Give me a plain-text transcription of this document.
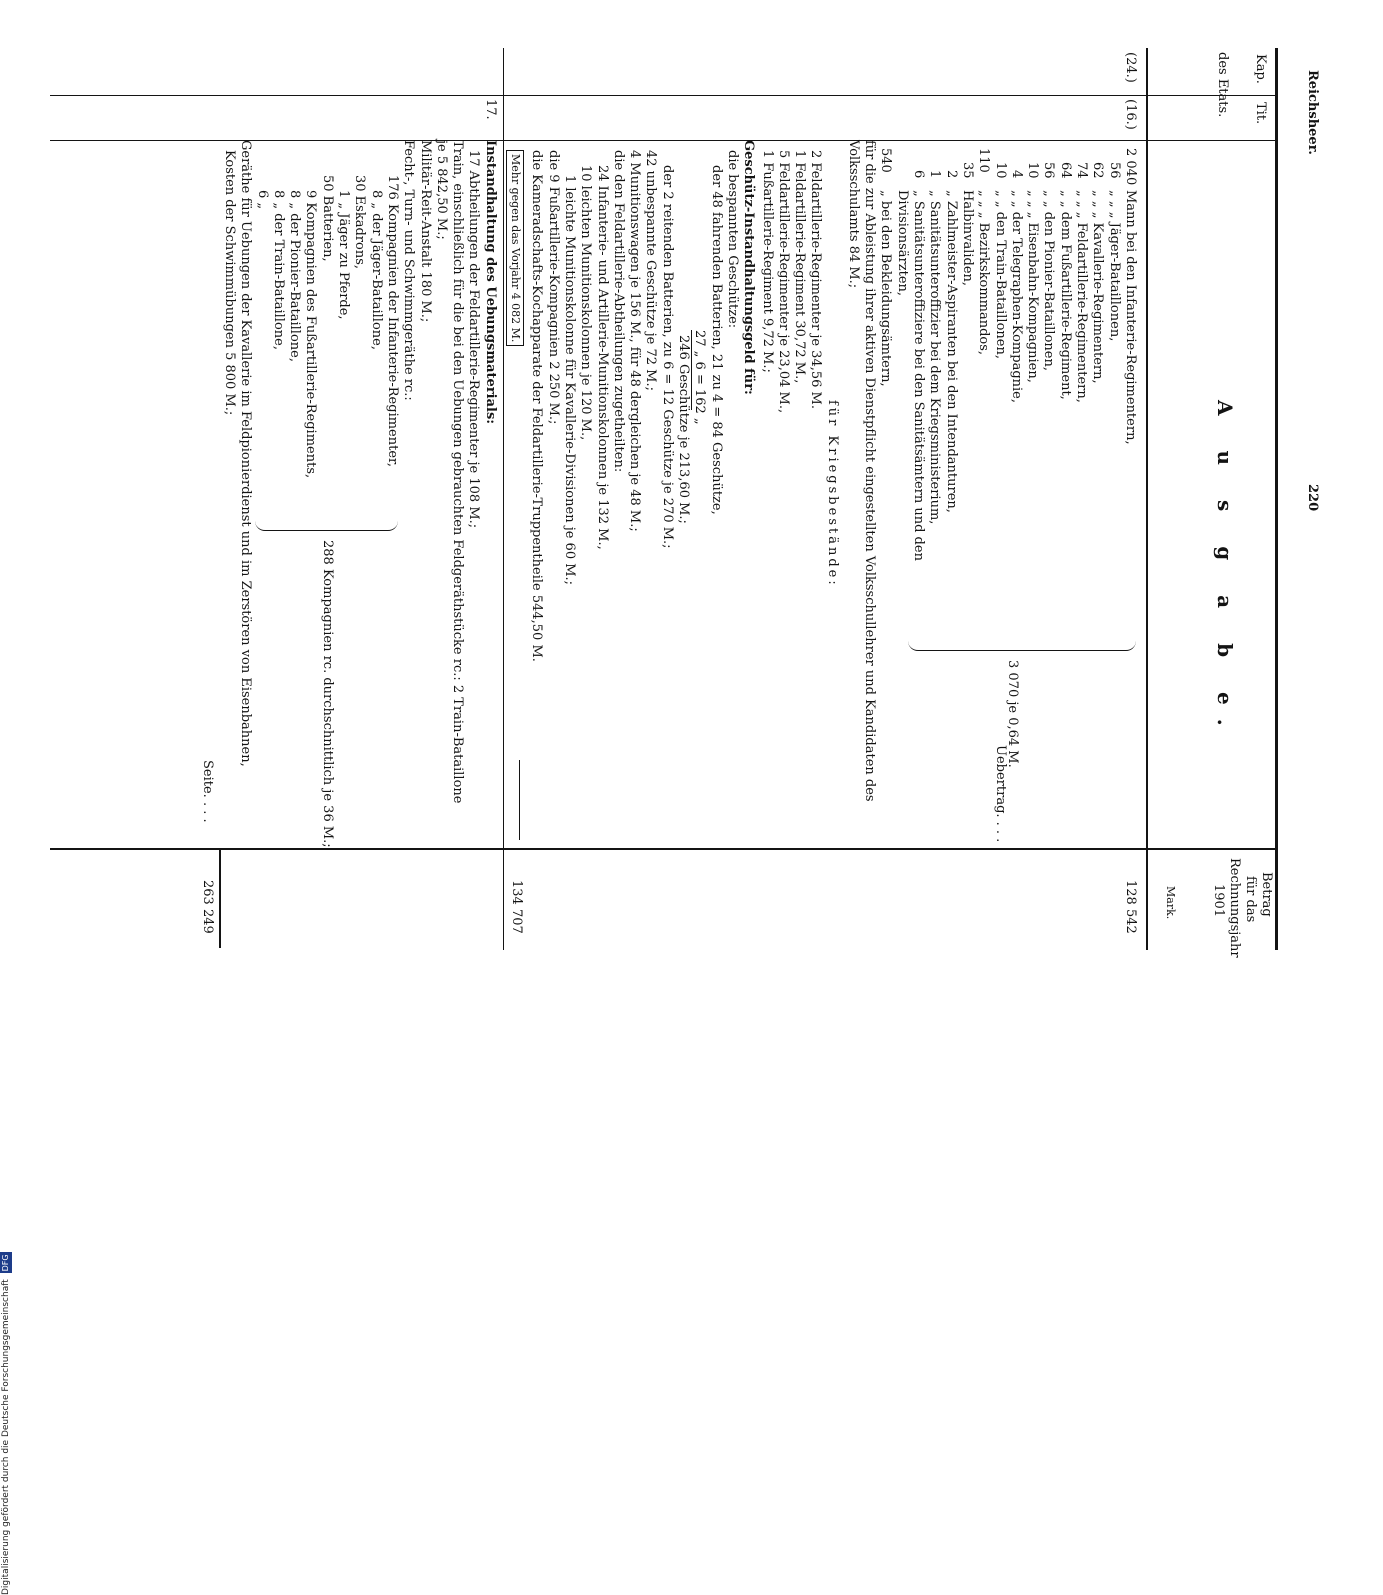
Reichsheer.
220
Kap.
Tit.
des Etats.
A u s g a b e.
Betrag
für das
Rechnungsjahr
1901
Mark.
(24.)
(16.)
Uebertrag. . . .
128 542
2 040
Mann bei den Infanterie-Regimentern,
56
„ „ „ Jäger-Bataillonen,
62
„ „ „ Kavallerie-Regimentern,
74
„ „ „ Feldartillerie-Regimentern,
64
„ „ dem Fußartillerie-Regiment,
56
„ „ den Pionier-Bataillonen,
10
„ „ „ Eisenbahn-Kompagnien,
4
„ „ der Telegraphen-Kompagnie,
10
„ „ den Train-Bataillonen,
110
„ „ „ Bezirkskommandos,
35
Halbinvaliden,
2
„ Zahlmeister-Aspiranten bei den Intendanturen,
1
„ Sanitätsunteroffizier bei dem Kriegsministerium,
6
„ Sanitätsunteroffiziere bei den Sanitätsämtern und den
Divisionsärzten,
540
„ bei den Bekleidungsämtern,
3 070 je 0,64 M.
für die zur Ableistung ihrer aktiven Dienstpflicht eingestellten Volksschullehrer und Kandidaten des
Volksschulamts 84 M.;
für Kriegsbestände:
2 Feldartillerie-Regimenter je 34,56 M.
1 Feldartillerie-Regiment 30,72 M.,
5 Feldartillerie-Regimenter je 23,04 M.,
1 Fußartillerie-Regiment 9,72 M.;
Geschütz-Instandhaltungsgeld für:
die bespannten Geschütze:
der 48 fahrenden Batterien, 21 zu 4 = 84 Geschütze,
27 „ 6 = 162 „
246 Geschütze je 213,60 M.;
der 2 reitenden Batterien, zu 6 = 12 Geschütze je 270 M.;
42 unbespannte Geschütze je 72 M.;
4 Munitionswagen je 156 M., für 48 dergleichen je 48 M.;
die den Feldartillerie-Abtheilungen zugetheilten:
24 Infanterie- und Artillerie-Munitionskolonnen je 132 M.,
10 leichten Munitionskolonnen je 120 M.,
1 leichte Munitionskolonne für Kavallerie-Divisionen je 60 M.;
die 9 Fußartillerie-Kompagnien 2 250 M.;
die Kameradschafts-Kochapparate der Feldartillerie-Truppentheile 544,50 M.
Mehr gegen das Vorjahr 4 082 M.
134 707
17.
Instandhaltung des Uebungsmaterials:
17 Abtheilungen der Feldartillerie-Regimenter je 108 M.;
Train, einschließlich für die bei den Uebungen gebrauchten Feldgeräthstücke rc.: 2 Train-Bataillone
je 5 842,50 M.;
Militär-Reit-Anstalt 180 M.;
Fecht-, Turn- und Schwimmgeräthe rc.:
176 Kompagnien der Infanterie-Regimenter,
8 „ der Jäger-Bataillone,
30 Eskadrons,
1 „ Jäger zu Pferde,
50 Batterien,
9 Kompagnien des Fußartillerie-Regiments,
8 „ der Pionier-Bataillone,
8 „ der Train-Bataillone,
6 „
288 Kompagnien rc. durchschnittlich je 36 M.;
Geräthe für Uebungen der Kavallerie im Feldpionierdienst und im Zerstören von Eisenbahnen,
Kosten der Schwimmübungen 5 800 M.;
Seite. . . .
263 249
Digitalisierung gefördert durch die Deutsche Forschungsgemeinschaft DFG
